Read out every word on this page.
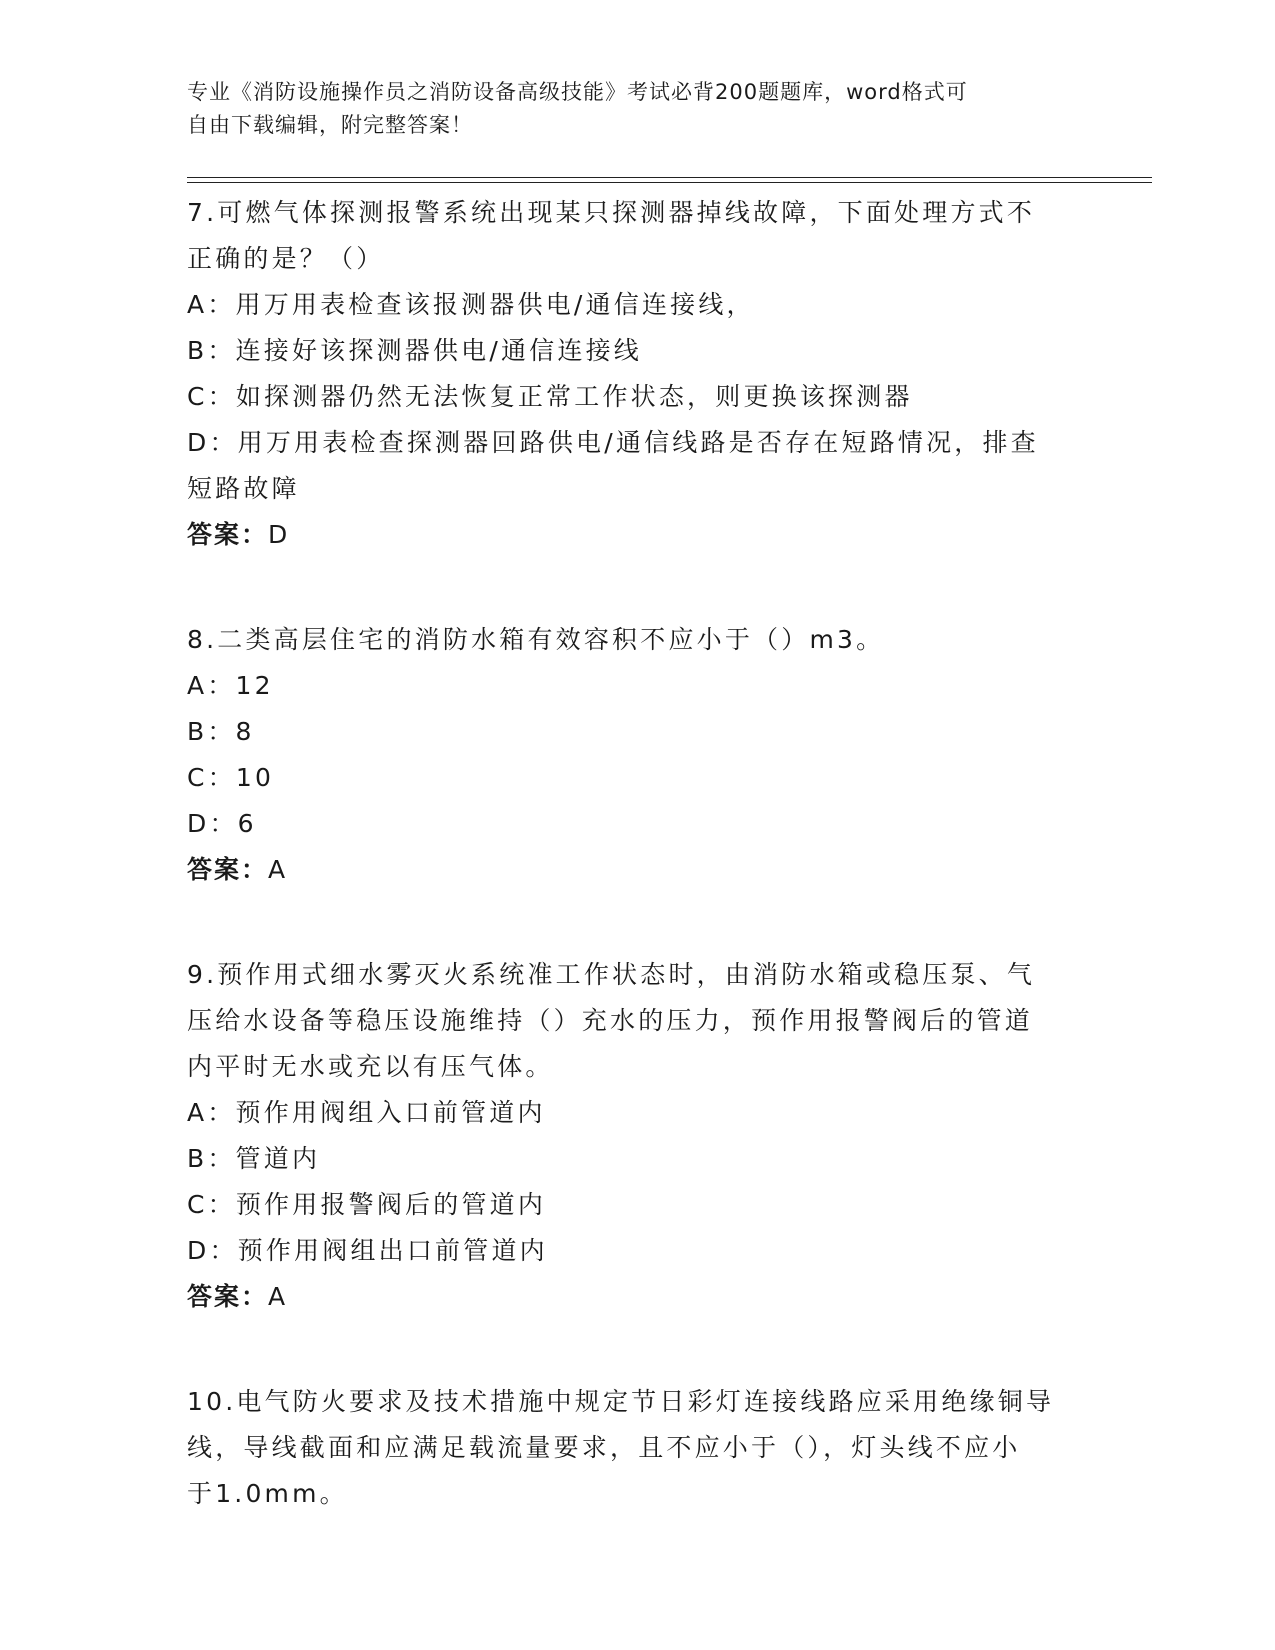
专业《消防设施操作员之消防设备高级技能》考试必背200题题库，word格式可
自由下载编辑，附完整答案！
7.可燃气体探测报警系统出现某只探测器掉线故障，下面处理方式不
正确的是？（）
A：用万用表检查该报测器供电/通信连接线，
B：连接好该探测器供电/通信连接线
C：如探测器仍然无法恢复正常工作状态，则更换该探测器
D：用万用表检查探测器回路供电/通信线路是否存在短路情况，排查
短路故障
答案：D
8.二类高层住宅的消防水箱有效容积不应小于（）m3。
A：12
B：8
C：10
D：6
答案：A
9.预作用式细水雾灭火系统准工作状态时，由消防水箱或稳压泵、气
压给水设备等稳压设施维持（）充水的压力，预作用报警阀后的管道
内平时无水或充以有压气体。
A：预作用阀组入口前管道内
B：管道内
C：预作用报警阀后的管道内
D：预作用阀组出口前管道内
答案：A
10.电气防火要求及技术措施中规定节日彩灯连接线路应采用绝缘铜导
线，导线截面和应满足载流量要求，且不应小于（），灯头线不应小
于1.0mm。
